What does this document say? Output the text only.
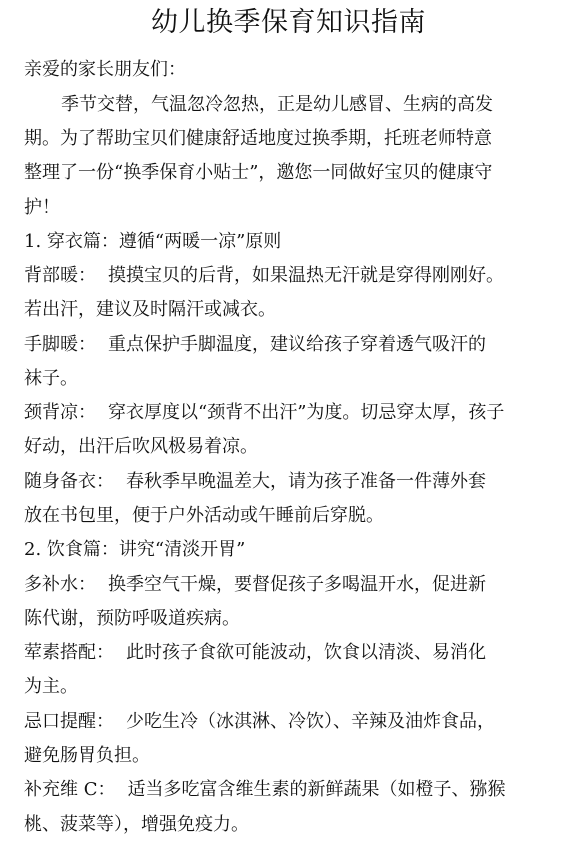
幼儿换季保育知识指南
亲爱的家长朋友们：
季节交替，气温忽冷忽热，正是幼儿感冒、生病的高发
期。为了帮助宝贝们健康舒适地度过换季期，托班老师特意
整理了一份“换季保育小贴士”，邀您一同做好宝贝的健康守
护！
1. 穿衣篇：遵循“两暖一凉”原则
背部暖： 摸摸宝贝的后背，如果温热无汗就是穿得刚刚好。
若出汗，建议及时隔汗或减衣。
手脚暖： 重点保护手脚温度，建议给孩子穿着透气吸汗的
袜子。
颈背凉： 穿衣厚度以“颈背不出汗”为度。切忌穿太厚，孩子
好动，出汗后吹风极易着凉。
随身备衣： 春秋季早晚温差大，请为孩子准备一件薄外套
放在书包里，便于户外活动或午睡前后穿脱。
2. 饮食篇：讲究“清淡开胃”
多补水： 换季空气干燥，要督促孩子多喝温开水，促进新
陈代谢，预防呼吸道疾病。
荤素搭配： 此时孩子食欲可能波动，饮食以清淡、易消化
为主。
忌口提醒： 少吃生冷（冰淇淋、冷饮）、辛辣及油炸食品，
避免肠胃负担。
补充维 C： 适当多吃富含维生素的新鲜蔬果（如橙子、猕猴
桃、菠菜等），增强免疫力。
